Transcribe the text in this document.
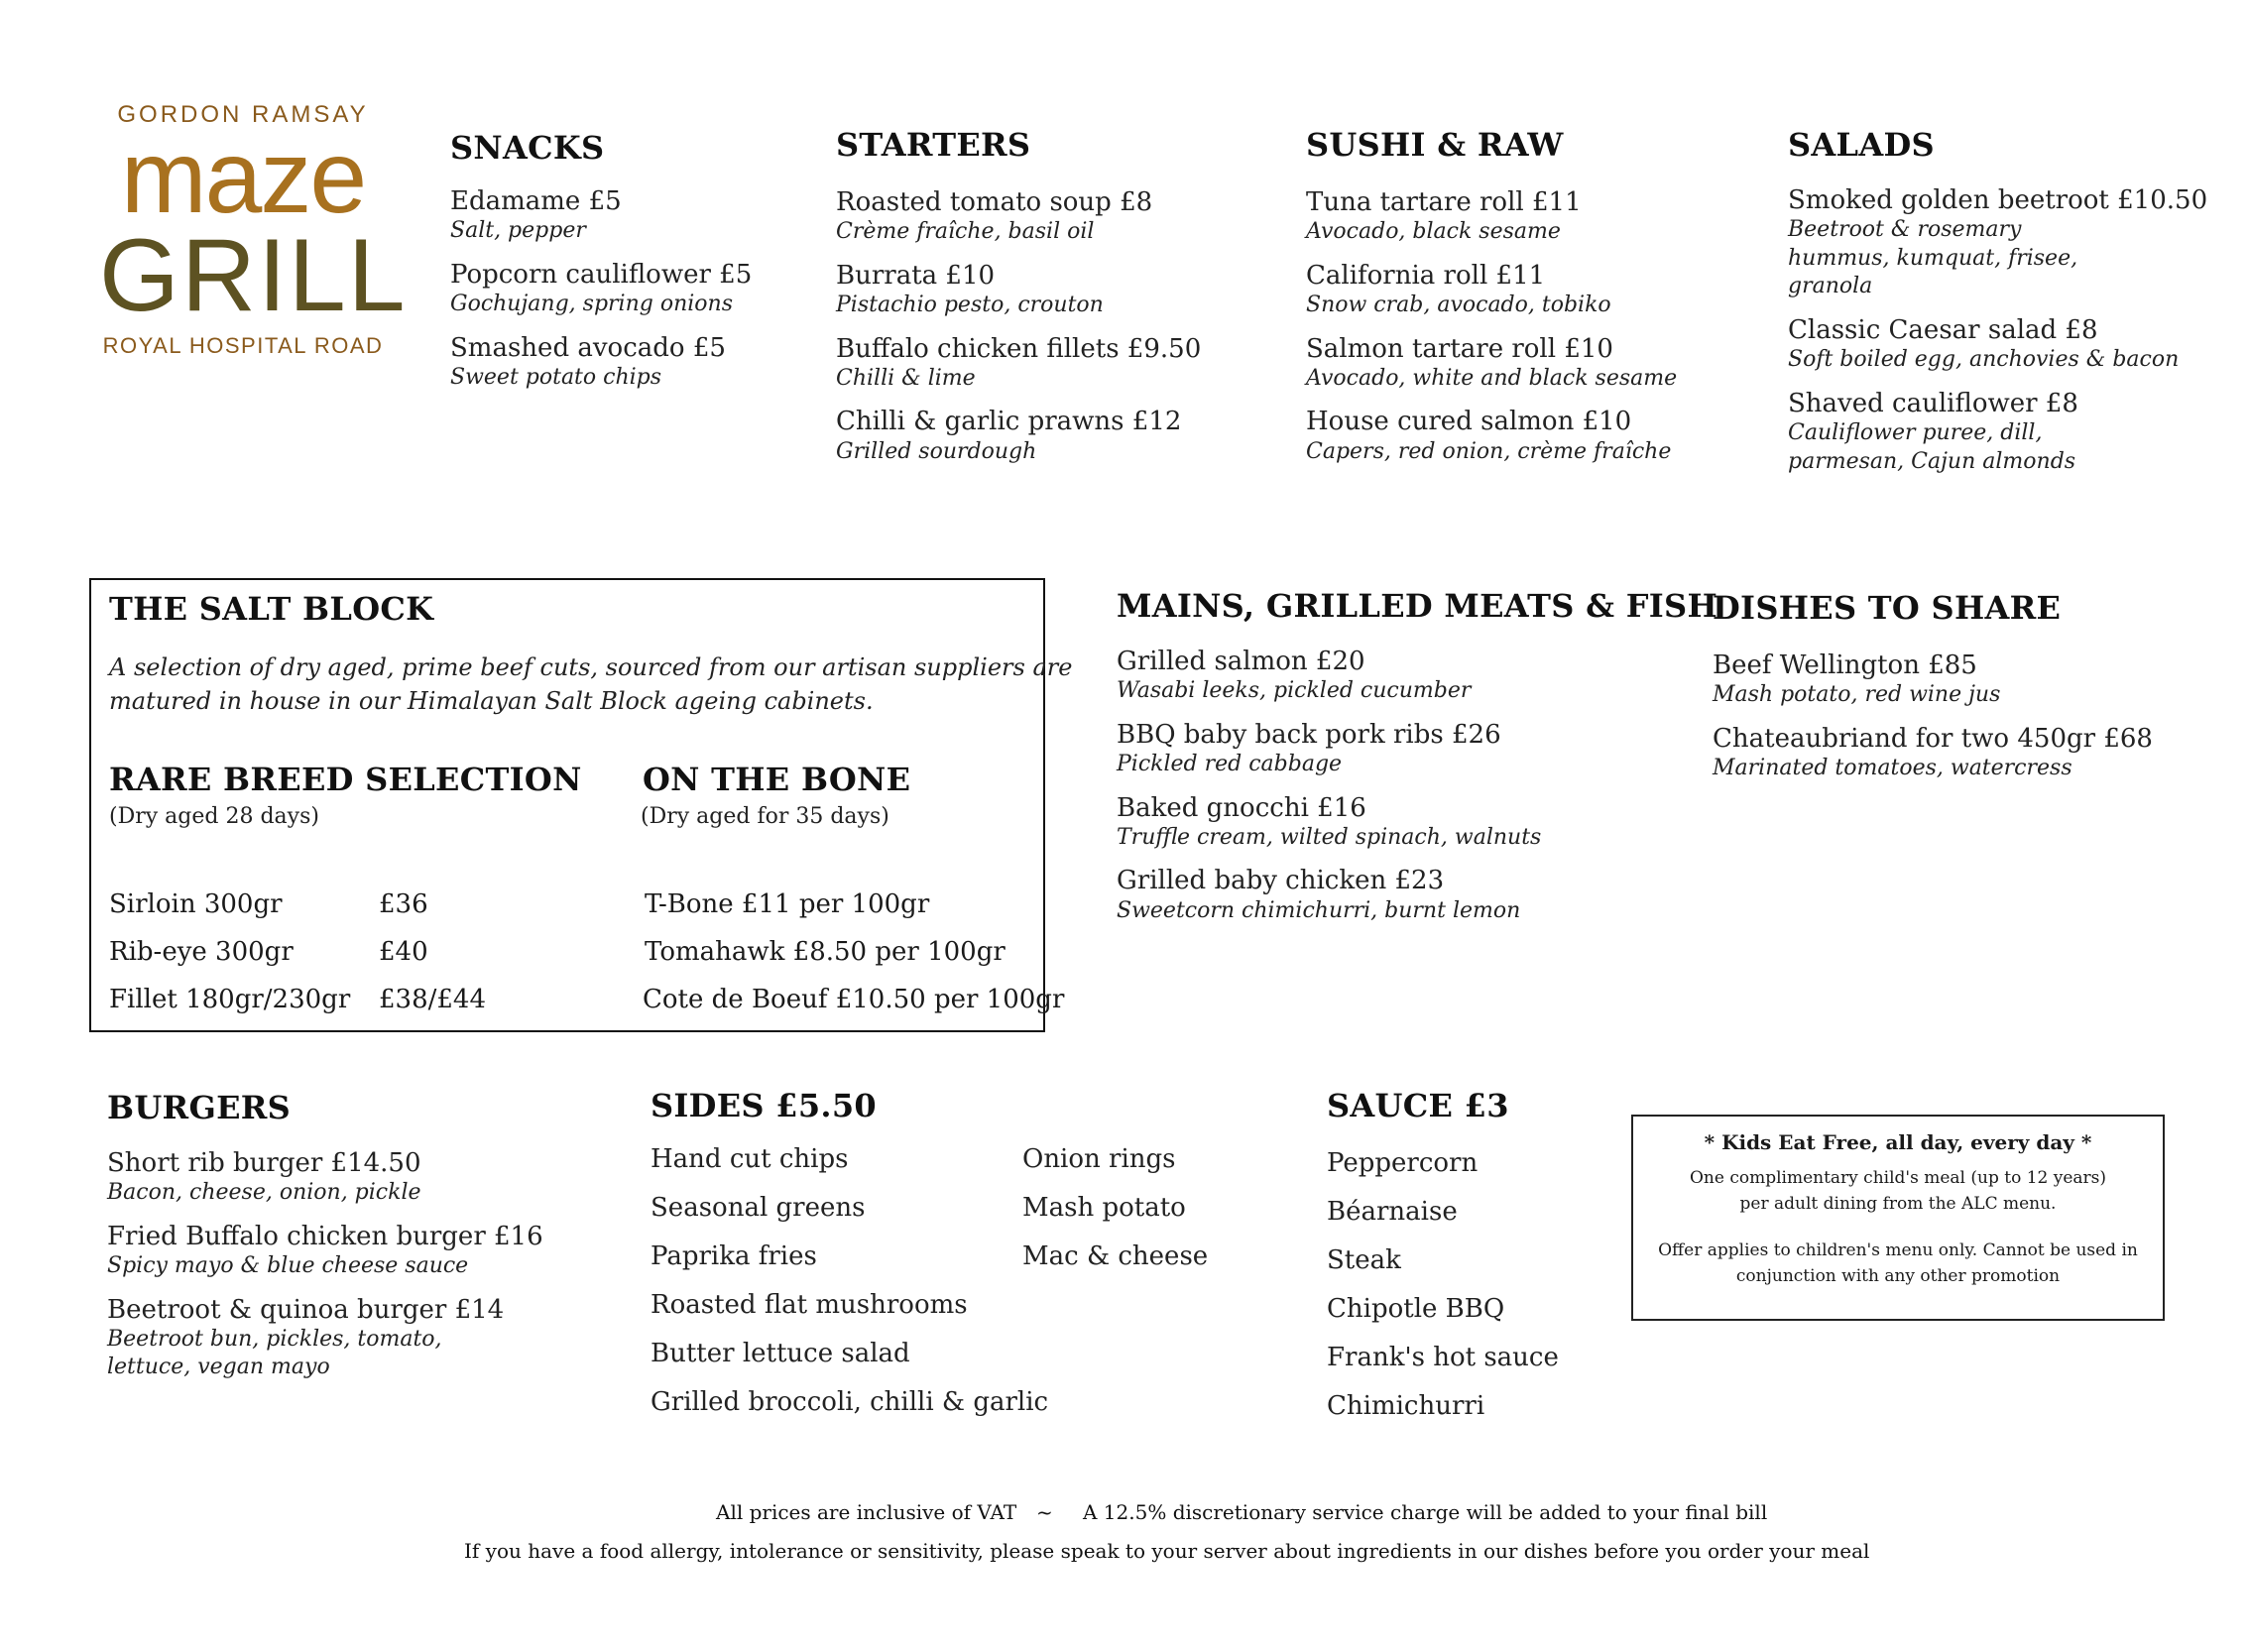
GORDON RAMSAY
maze
GRILL
ROYAL HOSPITAL ROAD
SNACKS
Edamame £5
Salt, pepper
Popcorn cauliflower £5
Gochujang, spring onions
Smashed avocado £5
Sweet potato chips
STARTERS
Roasted tomato soup £8
Crème fraîche, basil oil
Burrata £10
Pistachio pesto, crouton
Buffalo chicken fillets £9.50
Chilli & lime
Chilli & garlic prawns £12
Grilled sourdough
SUSHI & RAW
Tuna tartare roll £11
Avocado, black sesame
California roll £11
Snow crab, avocado, tobiko
Salmon tartare roll £10
Avocado, white and black sesame
House cured salmon £10
Capers, red onion, crème fraîche
SALADS
Smoked golden beetroot £10.50
Beetroot & rosemary hummus, kumquat, frisee, granola
Classic Caesar salad £8
Soft boiled egg, anchovies & bacon
Shaved cauliflower £8
Cauliflower puree, dill, parmesan, Cajun almonds
THE SALT BLOCK
A selection of dry aged, prime beef cuts, sourced from our artisan suppliers are
matured in house in our Himalayan Salt Block ageing cabinets.
RARE BREED SELECTION
(Dry aged 28 days)
Sirloin 300gr	£36
Rib-eye 300gr	£40
Fillet 180gr/230gr £38/£44
ON THE BONE
(Dry aged for 35 days)
T-Bone £11 per 100gr
Tomahawk £8.50 per 100gr
Cote de Boeuf £10.50 per 100gr
MAINS, GRILLED MEATS & FISH
Grilled salmon £20
Wasabi leeks, pickled cucumber
BBQ baby back pork ribs £26
Pickled red cabbage
Baked gnocchi £16
Truffle cream, wilted spinach, walnuts
Grilled baby chicken £23
Sweetcorn chimichurri, burnt lemon
DISHES TO SHARE
Beef Wellington £85
Mash potato, red wine jus
Chateaubriand for two 450gr £68
Marinated tomatoes, watercress
BURGERS
Short rib burger £14.50
Bacon, cheese, onion, pickle
Fried Buffalo chicken burger £16
Spicy mayo & blue cheese sauce
Beetroot & quinoa burger £14
Beetroot bun, pickles, tomato, lettuce, vegan mayo
SIDES £5.50
Hand cut chips
Seasonal greens
Paprika fries
Roasted flat mushrooms
Butter lettuce salad
Grilled broccoli, chilli & garlic
Onion rings
Mash potato
Mac & cheese
SAUCE £3
Peppercorn
Béarnaise
Steak
Chipotle BBQ
Frank's hot sauce
Chimichurri
* Kids Eat Free, all day, every day *
One complimentary child's meal (up to 12 years)
per adult dining from the ALC menu.
Offer applies to children's menu only. Cannot be used in
conjunction with any other promotion
All prices are inclusive of VAT ~ A 12.5% discretionary service charge will be added to your final bill
If you have a food allergy, intolerance or sensitivity, please speak to your server about ingredients in our dishes before you order your meal
